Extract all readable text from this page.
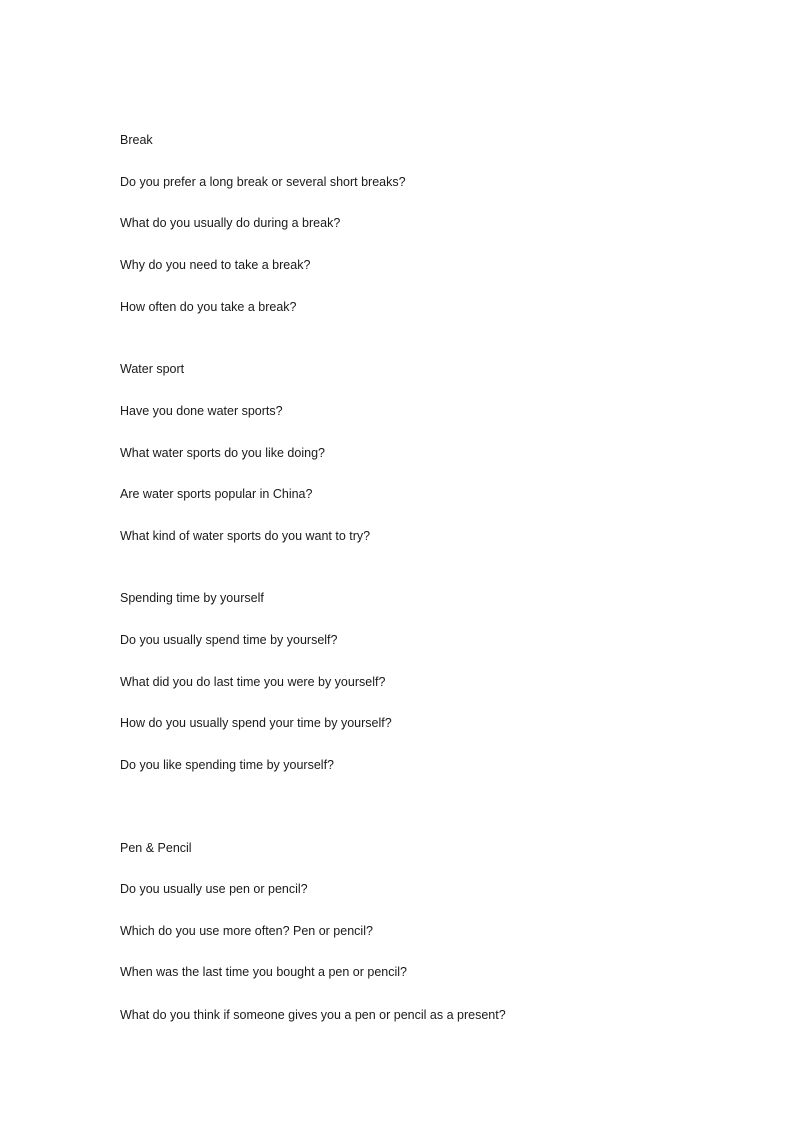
Break
Do you prefer a long break or several short breaks?
What do you usually do during a break?
Why do you need to take a break?
How often do you take a break?
Water sport
Have you done water sports?
What water sports do you like doing?
Are water sports popular in China?
What kind of water sports do you want to try?
Spending time by yourself
Do you usually spend time by yourself?
What did you do last time you were by yourself?
How do you usually spend your time by yourself?
Do you like spending time by yourself?
Pen & Pencil
Do you usually use pen or pencil?
Which do you use more often? Pen or pencil?
When was the last time you bought a pen or pencil?
What do you think if someone gives you a pen or pencil as a present?
